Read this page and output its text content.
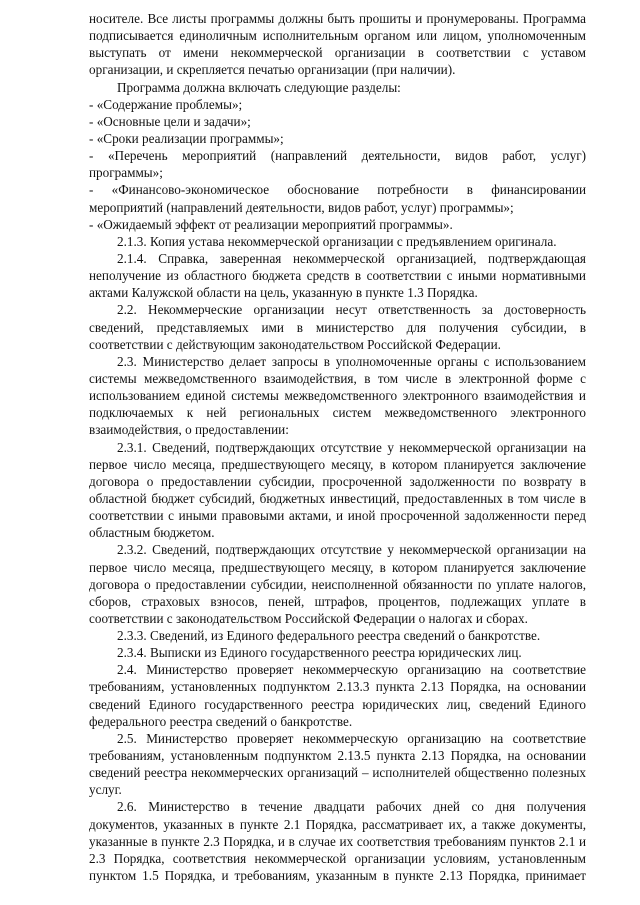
носителе. Все листы программы должны быть прошиты и пронумерованы. Программа
подписывается единоличным исполнительным органом или лицом, уполномоченным
выступать от имени некоммерческой организации в соответствии с уставом
организации, и скрепляется печатью организации (при наличии).
Программа должна включать следующие разделы:
- «Содержание проблемы»;
- «Основные цели и задачи»;
- «Сроки реализации программы»;
- «Перечень мероприятий (направлений деятельности, видов работ, услуг)
программы»;
- «Финансово-экономическое обоснование потребности в финансировании
мероприятий (направлений деятельности, видов работ, услуг) программы»;
- «Ожидаемый эффект от реализации мероприятий программы».
2.1.3. Копия устава некоммерческой организации с предъявлением оригинала.
2.1.4. Справка, заверенная некоммерческой организацией, подтверждающая
неполучение из областного бюджета средств в соответствии с иными нормативными
актами Калужской области на цель, указанную в пункте 1.3 Порядка.
2.2. Некоммерческие организации несут ответственность за достоверность
сведений, представляемых ими в министерство для получения субсидии, в
соответствии с действующим законодательством Российской Федерации.
2.3. Министерство делает запросы в уполномоченные органы с использованием
системы межведомственного взаимодействия, в том числе в электронной форме с
использованием единой системы межведомственного электронного взаимодействия и
подключаемых к ней региональных систем межведомственного электронного
взаимодействия, о предоставлении:
2.3.1. Сведений, подтверждающих отсутствие у некоммерческой организации на
первое число месяца, предшествующего месяцу, в котором планируется заключение
договора о предоставлении субсидии, просроченной задолженности по возврату в
областной бюджет субсидий, бюджетных инвестиций, предоставленных в том числе в
соответствии с иными правовыми актами, и иной просроченной задолженности перед
областным бюджетом.
2.3.2. Сведений, подтверждающих отсутствие у некоммерческой организации на
первое число месяца, предшествующего месяцу, в котором планируется заключение
договора о предоставлении субсидии, неисполненной обязанности по уплате налогов,
сборов, страховых взносов, пеней, штрафов, процентов, подлежащих уплате в
соответствии с законодательством Российской Федерации о налогах и сборах.
2.3.3. Сведений, из Единого федерального реестра сведений о банкротстве.
2.3.4. Выписки из Единого государственного реестра юридических лиц.
2.4. Министерство проверяет некоммерческую организацию на соответствие
требованиям, установленных подпунктом 2.13.3 пункта 2.13 Порядка, на основании
сведений Единого государственного реестра юридических лиц, сведений Единого
федерального реестра сведений о банкротстве.
2.5. Министерство проверяет некоммерческую организацию на соответствие
требованиям, установленным подпунктом 2.13.5 пункта 2.13 Порядка, на основании
сведений реестра некоммерческих организаций – исполнителей общественно полезных
услуг.
2.6. Министерство в течение двадцати рабочих дней со дня получения
документов, указанных в пункте 2.1 Порядка, рассматривает их, а также документы,
указанные в пункте 2.3 Порядка, и в случае их соответствия требованиям пунктов 2.1 и
2.3 Порядка, соответствия некоммерческой организации условиям, установленным
пунктом 1.5 Порядка, и требованиям, указанным в пункте 2.13 Порядка, принимает
